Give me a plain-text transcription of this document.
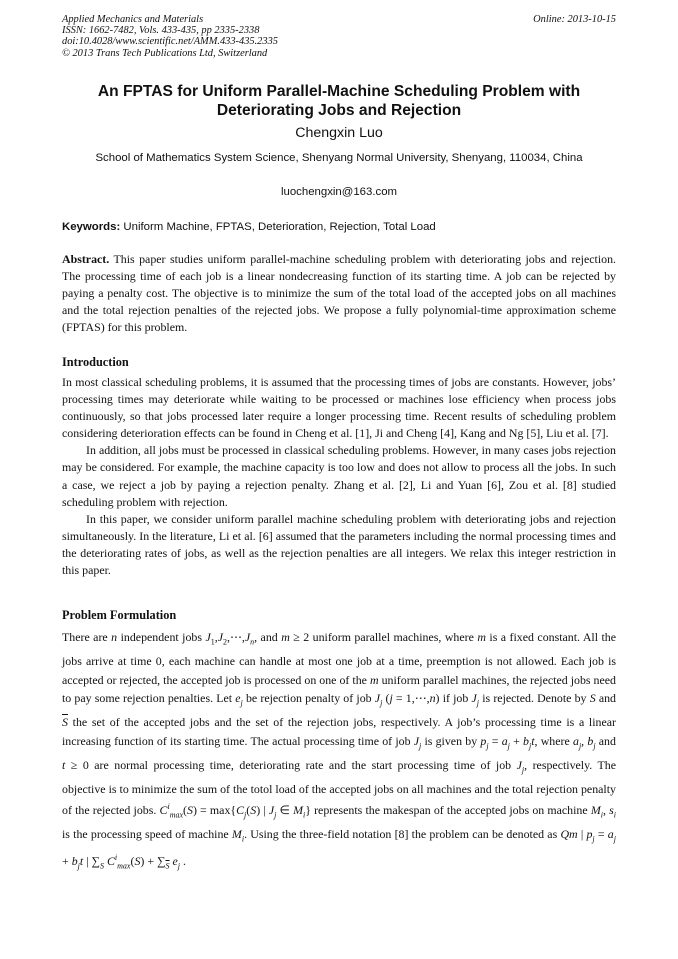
Applied Mechanics and Materials
ISSN: 1662-7482, Vols. 433-435, pp 2335-2338
doi:10.4028/www.scientific.net/AMM.433-435.2335
© 2013 Trans Tech Publications Ltd, Switzerland
Online: 2013-10-15
An FPTAS for Uniform Parallel-Machine Scheduling Problem with
Deteriorating Jobs and Rejection
Chengxin Luo
School of Mathematics System Science, Shenyang Normal University, Shenyang, 110034, China
luochengxin@163.com
Keywords: Uniform Machine, FPTAS, Deterioration, Rejection, Total Load

Abstract. This paper studies uniform parallel-machine scheduling problem with deteriorating jobs and rejection. The processing time of each job is a linear nondecreasing function of its starting time. A job can be rejected by paying a penalty cost. The objective is to minimize the sum of the total load of the accepted jobs on all machines and the total rejection penalties of the rejected jobs. We propose a fully polynomial-time approximation scheme (FPTAS) for this problem.

Introduction

In most classical scheduling problems, it is assumed that the processing times of jobs are constants. However, jobs’ processing times may deteriorate while waiting to be processed or machines lose efficiency when process jobs continuously, so that jobs processed later require a longer processing time. Recent results of scheduling problem considering deterioration effects can be found in Cheng et al. [1], Ji and Cheng [4], Kang and Ng [5], Liu et al. [7].

In addition, all jobs must be processed in classical scheduling problems. However, in many cases jobs rejection may be considered. For example, the machine capacity is too low and does not allow to process all the jobs. In such a case, we reject a job by paying a rejection penalty. Zhang et al. [2], Li and Yuan [6], Zou et al. [8] studied scheduling problem with rejection.

In this paper, we consider uniform parallel machine scheduling problem with deteriorating jobs and rejection simultaneously. In the literature, Li et al. [6] assumed that the parameters including the normal processing times and the deteriorating rates of jobs, as well as the rejection penalties are all integers. We relax this integer restriction in this paper.

Problem Formulation

There are n independent jobs $J_1,J_2,\cdots,J_n$, and m ≥ 2 uniform parallel machines, where m is a fixed constant. All the jobs arrive at time 0, each machine can handle at most one job at a time, preemption is not allowed. Each job is accepted or rejected, the accepted job is processed on one of the m uniform parallel machines, the rejected jobs need to pay some rejection penalties. Let $e_j$ be rejection penalty of job $J_j$ (j = 1,⋯,n) if job $J_j$ is rejected. Denote by S and $\overline{S}$ the set of the accepted jobs and the set of the rejection jobs, respectively. A job’s processing time is a linear increasing function of its starting time. The actual processing time of job $J_j$ is given by $p_j = a_j + b_jt$, where $a_j$, $b_j$ and t ≥ 0 are normal processing time, deteriorating rate and the start processing time of job $J_j$, respectively. The objective is to minimize the sum of the totol load of the accepted jobs on all machines and the total rejection penalty of the rejected jobs. $C^i_{max}(S) = \max\{C_j(S)$ | $J_j$ ∈ $M_i$} represents the makespan of the accepted jobs on machine $M_i$, $s_i$ is the processing speed of machine $M_i$. Using the three-field notation [8] the problem can be denoted as Qm | $p_j = a_j + b_jt$ | $\sum_S$ $C^i_{max}(S) + \sum_{\overline{S}}$ $e_j$ .
